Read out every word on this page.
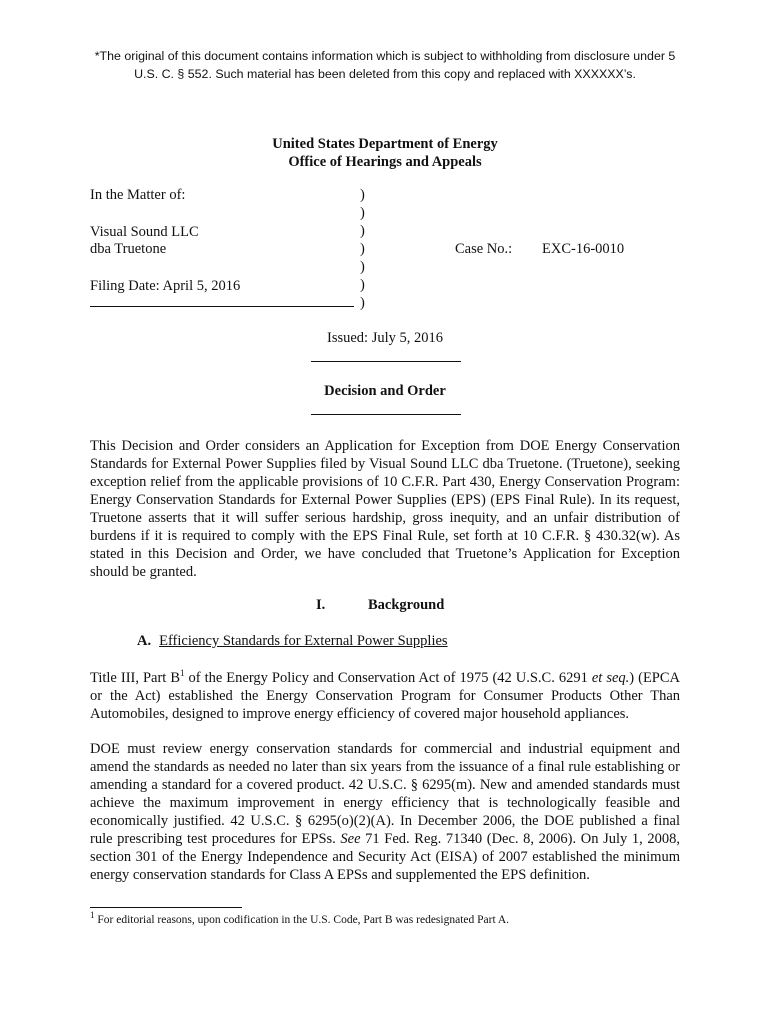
*The original of this document contains information which is subject to withholding from disclosure under 5 U.S. C. § 552. Such material has been deleted from this copy and replaced with XXXXXX’s.
United States Department of Energy
Office of Hearings and Appeals
In the Matter of:
Visual Sound LLC
dba Truetone
Filing Date: April 5, 2016
)
)
)
)
)
)
)
Case No.: EXC-16-0010
Issued: July 5, 2016
Decision and Order
This Decision and Order considers an Application for Exception from DOE Energy Conservation Standards for External Power Supplies filed by Visual Sound LLC dba Truetone. (Truetone), seeking exception relief from the applicable provisions of 10 C.F.R. Part 430, Energy Conservation Program: Energy Conservation Standards for External Power Supplies (EPS) (EPS Final Rule). In its request, Truetone asserts that it will suffer serious hardship, gross inequity, and an unfair distribution of burdens if it is required to comply with the EPS Final Rule, set forth at 10 C.F.R. § 430.32(w). As stated in this Decision and Order, we have concluded that Truetone’s Application for Exception should be granted.
I.	Background
A. Efficiency Standards for External Power Supplies
Title III, Part $B^1$ of the Energy Policy and Conservation Act of 1975 (42 U.S.C. 6291 et seq.) (EPCA or the Act) established the Energy Conservation Program for Consumer Products Other Than Automobiles, designed to improve energy efficiency of covered major household appliances.
DOE must review energy conservation standards for commercial and industrial equipment and amend the standards as needed no later than six years from the issuance of a final rule establishing or amending a standard for a covered product. 42 U.S.C. § 6295(m). New and amended standards must achieve the maximum improvement in energy efficiency that is technologically feasible and economically justified. 42 U.S.C. § 6295(o)(2)(A). In December 2006, the DOE published a final rule prescribing test procedures for EPSs. See 71 Fed. Reg. 71340 (Dec. 8, 2006). On July 1, 2008, section 301 of the Energy Independence and Security Act (EISA) of 2007 established the minimum energy conservation standards for Class A EPSs and supplemented the EPS definition.
$^1$ For editorial reasons, upon codification in the U.S. Code, Part B was redesignated Part A.
